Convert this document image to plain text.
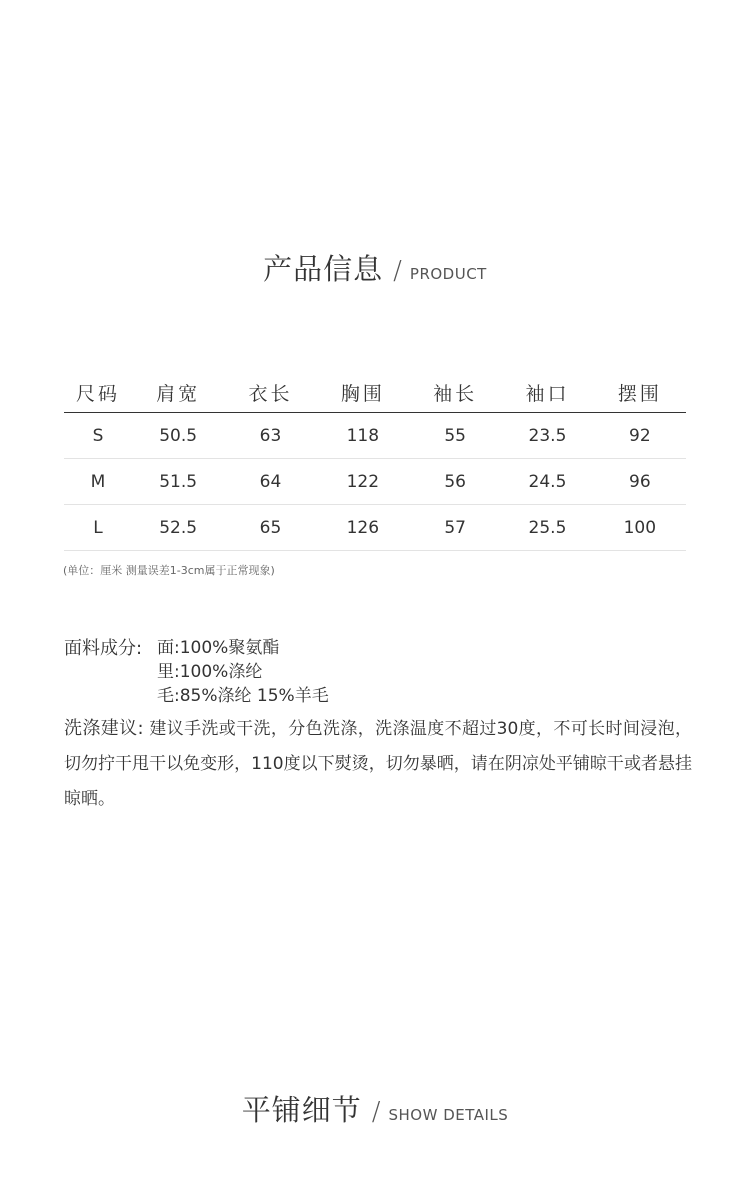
产品信息 / PRODUCT
尺码	肩宽	衣长	胸围	袖长	袖口	摆围
S	50.5	63	118	55	23.5	92
M	51.5	64	122	56	24.5	96
L	52.5	65	126	57	25.5	100
(单位：厘米 测量误差1-3cm属于正常现象)
面料成分: 面:100%聚氨酯
里:100%涤纶
毛:85%涤纶 15%羊毛
洗涤建议: 建议手洗或干洗，分色洗涤，洗涤温度不超过30度，不可长时间浸泡，切勿拧干甩干以免变形，110度以下熨烫，切勿暴晒，请在阴凉处平铺晾干或者悬挂晾晒。
平铺细节 / SHOW DETAILS
